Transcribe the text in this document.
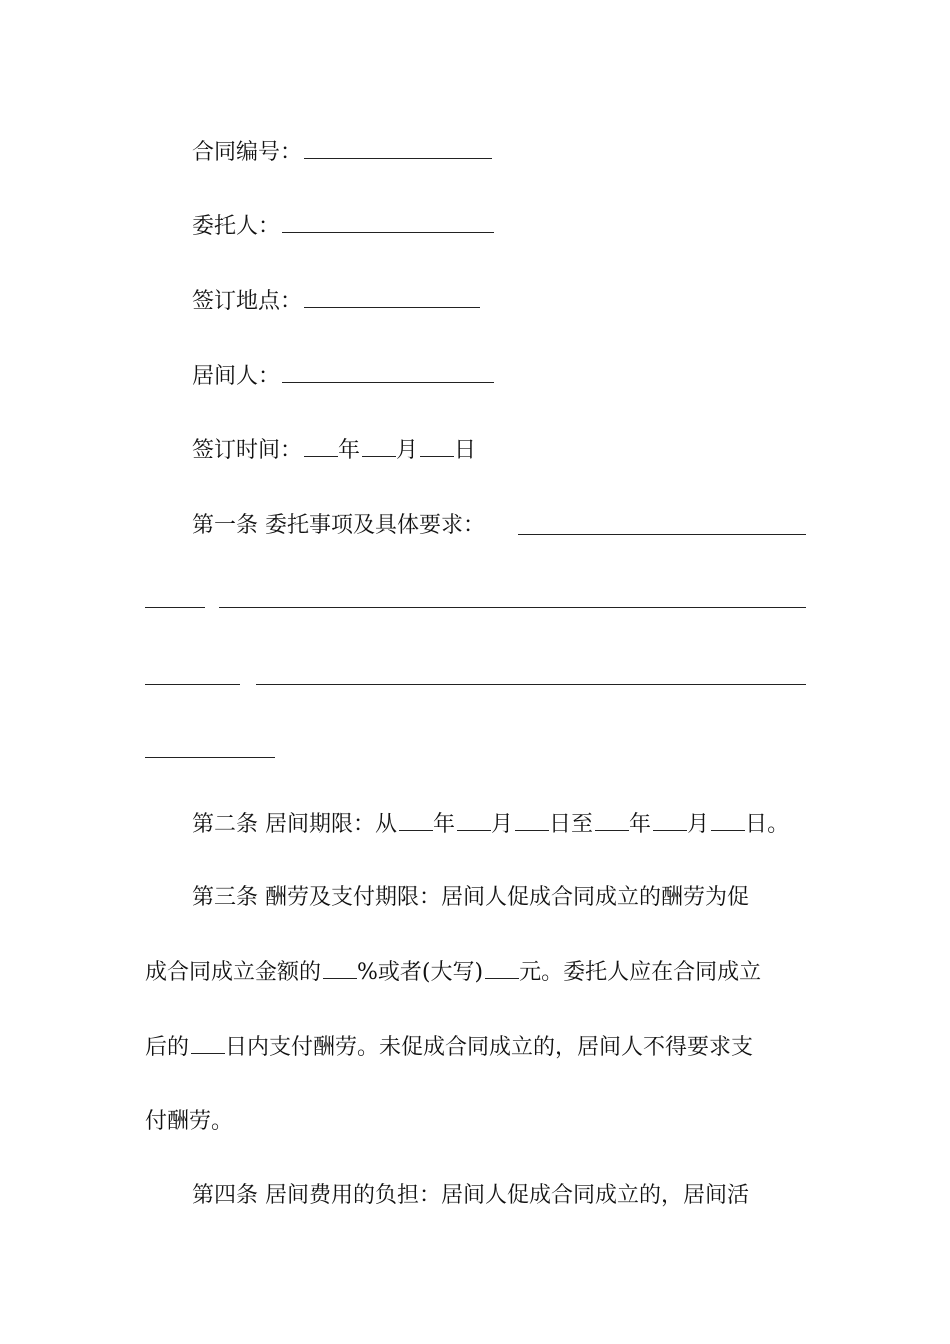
合同编号：
委托人：
签订地点：
居间人：
签订时间： 年 月 日
第一条 委托事项及具体要求：
第二条 居间期限：从 年 月 日至 年 月 日。
第三条 酬劳及支付期限：居间人促成合同成立的酬劳为促
成合同成立金额的 %或者(大写) 元。委托人应在合同成立
后的 日内支付酬劳。未促成合同成立的，居间人不得要求支
付酬劳。
第四条 居间费用的负担：居间人促成合同成立的，居间活
